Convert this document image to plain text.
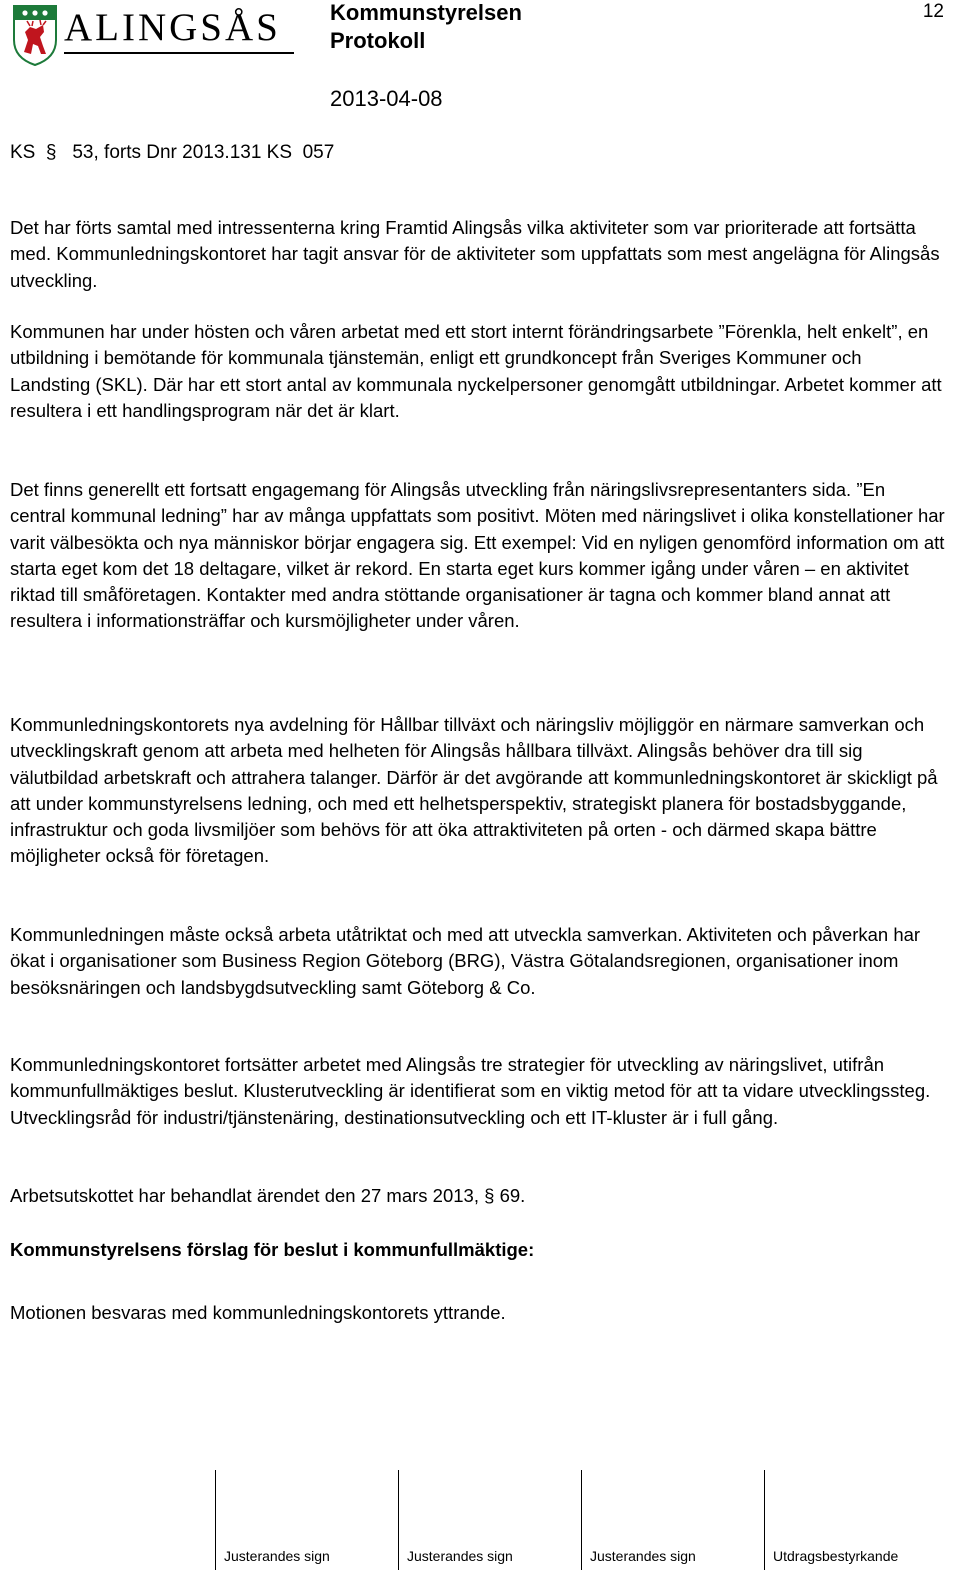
ALINGSÅS Kommunstyrelsen
Protokoll
2013-04-08
12
KS § 53, forts Dnr 2013.131 KS  057

Det har förts samtal med intressenterna kring Framtid Alingsås vilka aktiviteter som var prioriterade att fortsätta med. Kommunledningskontoret har tagit ansvar för de aktiviteter som uppfattats som mest angelägna för Alingsås utveckling.

Kommunen har under hösten och våren arbetat med ett stort internt förändringsarbete ”Förenkla, helt enkelt”, en utbildning i bemötande för kommunala tjänstemän, enligt ett grundkoncept från Sveriges Kommuner och Landsting (SKL). Där har ett stort antal av kommunala nyckelpersoner genomgått utbildningar. Arbetet kommer att resultera i ett handlingsprogram när det är klart.

Det finns generellt ett fortsatt engagemang för Alingsås utveckling från näringslivsrepresentanters sida. ”En central kommunal ledning” har av många uppfattats som positivt. Möten med näringslivet i olika konstellationer har varit välbesökta och nya människor börjar engagera sig. Ett exempel: Vid en nyligen genomförd information om att starta eget kom det 18 deltagare, vilket är rekord. En starta eget kurs kommer igång under våren – en aktivitet riktad till småföretagen. Kontakter med andra stöttande organisationer är tagna och kommer bland annat att resultera i informationsträffar och kursmöjligheter under våren.

Kommunledningskontorets nya avdelning för Hållbar tillväxt och näringsliv möjliggör en närmare samverkan och utvecklingskraft genom att arbeta med helheten för Alingsås hållbara tillväxt. Alingsås behöver dra till sig välutbildad arbetskraft och attrahera talanger. Därför är det avgörande att kommunledningskontoret är skickligt på att under kommunstyrelsens ledning, och med ett helhetsperspektiv, strategiskt planera för bostadsbyggande, infrastruktur och goda livsmiljöer som behövs för att öka attraktiviteten på orten - och därmed skapa bättre möjligheter också för företagen.

Kommunledningen måste också arbeta utåtriktat och med att utveckla samverkan. Aktiviteten och påverkan har ökat i organisationer som Business Region Göteborg (BRG), Västra Götalandsregionen, organisationer inom besöksnäringen och landsbygdsutveckling samt Göteborg & Co.

Kommunledningskontoret fortsätter arbetet med Alingsås tre strategier för utveckling av näringslivet, utifrån kommunfullmäktiges beslut. Klusterutveckling är identifierat som en viktig metod för att ta vidare utvecklingssteg. Utvecklingsråd för industri/tjänstenäring, destinationsutveckling och ett IT-kluster är i full gång.

Arbetsutskottet har behandlat ärendet den 27 mars 2013, § 69.

Kommunstyrelsens förslag för beslut i kommunfullmäktige:

Motionen besvaras med kommunledningskontorets yttrande.

Justerandes sign	Justerandes sign	Justerandes sign	Utdragsbestyrkande
